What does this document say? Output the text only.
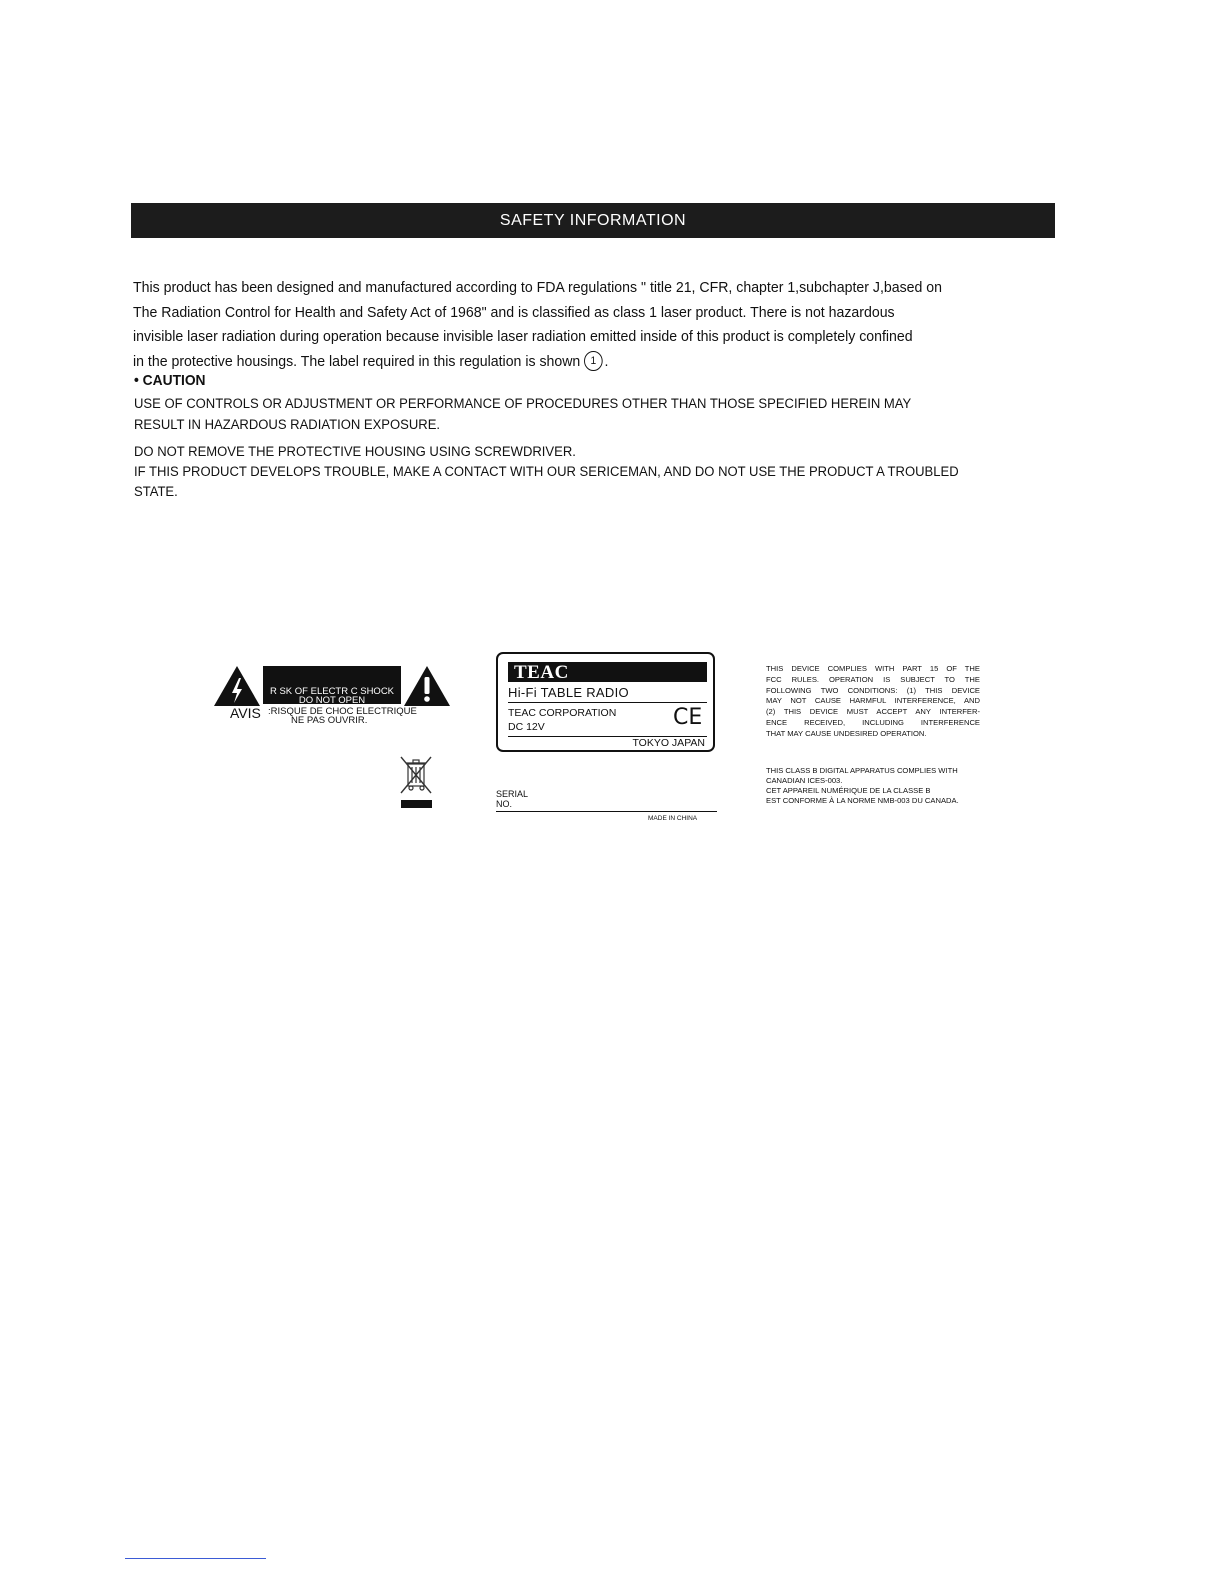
SAFETY INFORMATION

This product has been designed and manufactured according to FDA regulations " title 21, CFR, chapter 1,subchapter J,based on

The Radiation Control for Health and Safety Act of 1968" and is classified as class 1 laser product. There is not hazardous

invisible laser radiation during operation because invisible laser radiation emitted inside of this product is completely confined

in the protective housings. The label required in this regulation is shown 1 .

• CAUTION
USE OF CONTROLS OR ADJUSTMENT OR PERFORMANCE OF PROCEDURES OTHER THAN THOSE SPECIFIED HEREIN MAY
RESULT IN HAZARDOUS RADIATION EXPOSURE.
DO NOT REMOVE THE PROTECTIVE HOUSING USING SCREWDRIVER.
IF THIS PRODUCT DEVELOPS TROUBLE, MAKE A CONTACT WITH OUR SERICEMAN, AND DO NOT USE THE PRODUCT A TROUBLED
STATE.
R SK OF ELECTR C SHOCK
DO NOT OPEN
AVIS :RISQUE DE CHOC ELECTRIQUE
NE PAS OUVRIR.
TEAC
Hi-Fi TABLE RADIO
TEAC CORPORATION
DC 12V	CE
TOKYO JAPAN
SERIAL
NO.
MADE IN CHINA

THIS DEVICE COMPLIES WITH PART 15 OF THE

FCC RULES. OPERATION IS SUBJECT TO THE

FOLLOWING TWO CONDITIONS: (1) THIS DEVICE

MAY NOT CAUSE HARMFUL INTERFERENCE, AND

(2) THIS DEVICE MUST ACCEPT ANY INTERFER-

ENCE RECEIVED, INCLUDING INTERFERENCE

THAT MAY CAUSE UNDESIRED OPERATION.

THIS CLASS B DIGITAL APPARATUS COMPLIES WITH

CANADIAN ICES-003.

CET APPAREIL NUMÉRIQUE DE LA CLASSE B

EST CONFORME À LA NORME NMB-003 DU CANADA.
